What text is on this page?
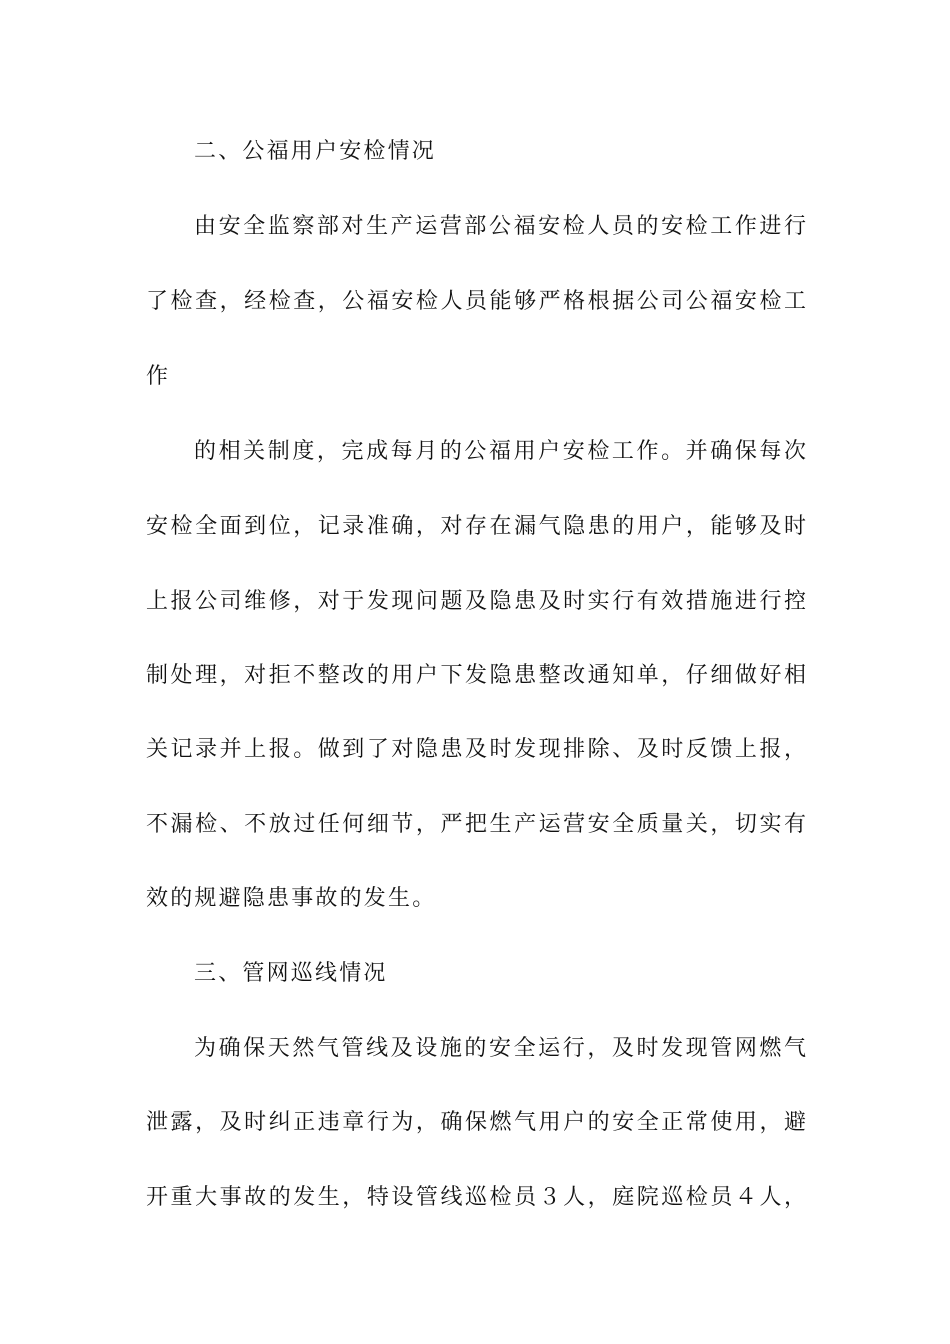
二、公福用户安检情况
由安全监察部对生产运营部公福安检人员的安检工作进行
了检查，经检查，公福安检人员能够严格根据公司公福安检工
作
的相关制度，完成每月的公福用户安检工作。并确保每次
安检全面到位，记录准确，对存在漏气隐患的用户，能够及时
上报公司维修，对于发现问题及隐患及时实行有效措施进行控
制处理，对拒不整改的用户下发隐患整改通知单，仔细做好相
关记录并上报。做到了对隐患及时发现排除、及时反馈上报，
不漏检、不放过任何细节，严把生产运营安全质量关，切实有
效的规避隐患事故的发生。
三、管网巡线情况
为确保天然气管线及设施的安全运行，及时发现管网燃气
泄露，及时纠正违章行为，确保燃气用户的安全正常使用，避
开重大事故的发生，特设管线巡检员３人，庭院巡检员４人，
